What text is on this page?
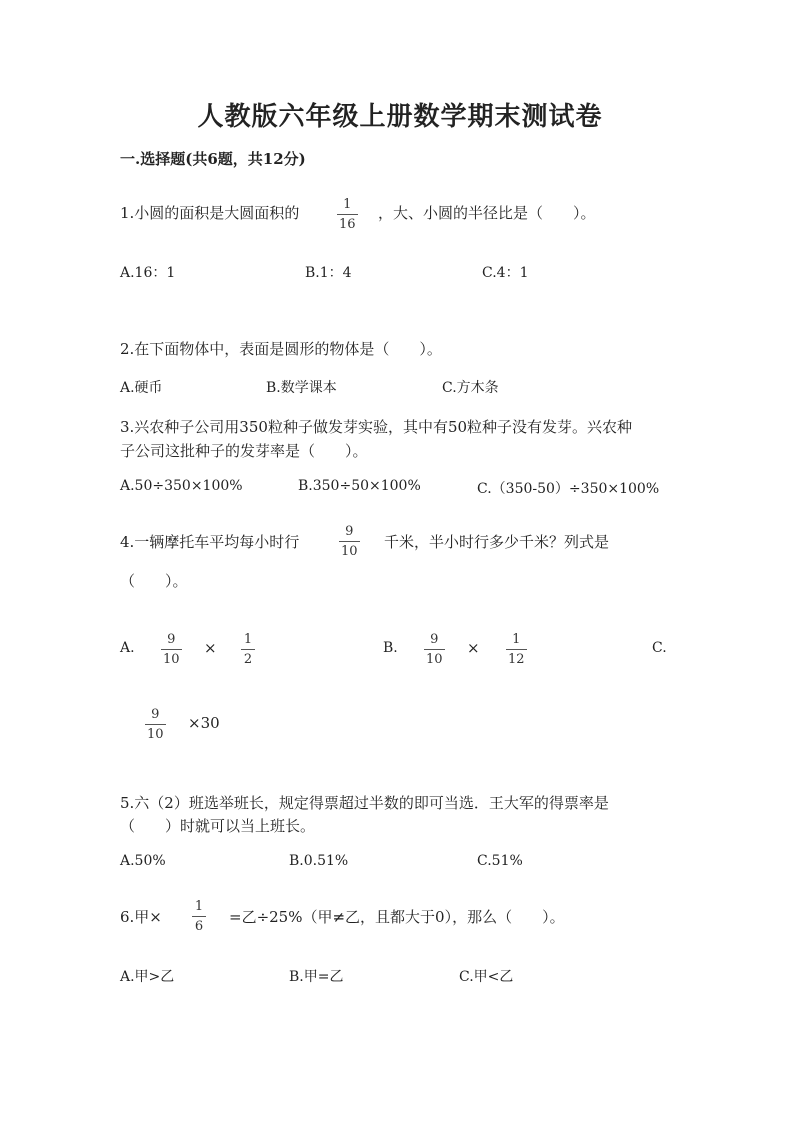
人教版六年级上册数学期末测试卷
一.选择题(共6题，共12分)
1.小圆的面积是大圆面积的	1
16
，大、小圆的半径比是（　　）。
A.16：1	B.1：4	C.4：1
2.在下面物体中，表面是圆形的物体是（　　）。
A.硬币	B.数学课本	C.方木条
3.兴农种子公司用350粒种子做发芽实验，其中有50粒种子没有发芽。兴农种
子公司这批种子的发芽率是（　　）。
A.50÷350×100%	B.350÷50×100%	C.（350-50）÷350×100%
4.一辆摩托车平均每小时行
9
10
千米，半小时行多少千米？列式是
（　　）。
A.
9
10
× 1
2
B.
9
10
×	1
12
C.
9
10
×30
5.六（2）班选举班长，规定得票超过半数的即可当选．王大军的得票率是
（　　）时就可以当上班长。
A.50%	B.0.51%	C.51%
6.甲×
1
6
=乙÷25%（甲≠乙，且都大于0），那么（　　）。
A.甲>乙	B.甲=乙	C.甲<乙
